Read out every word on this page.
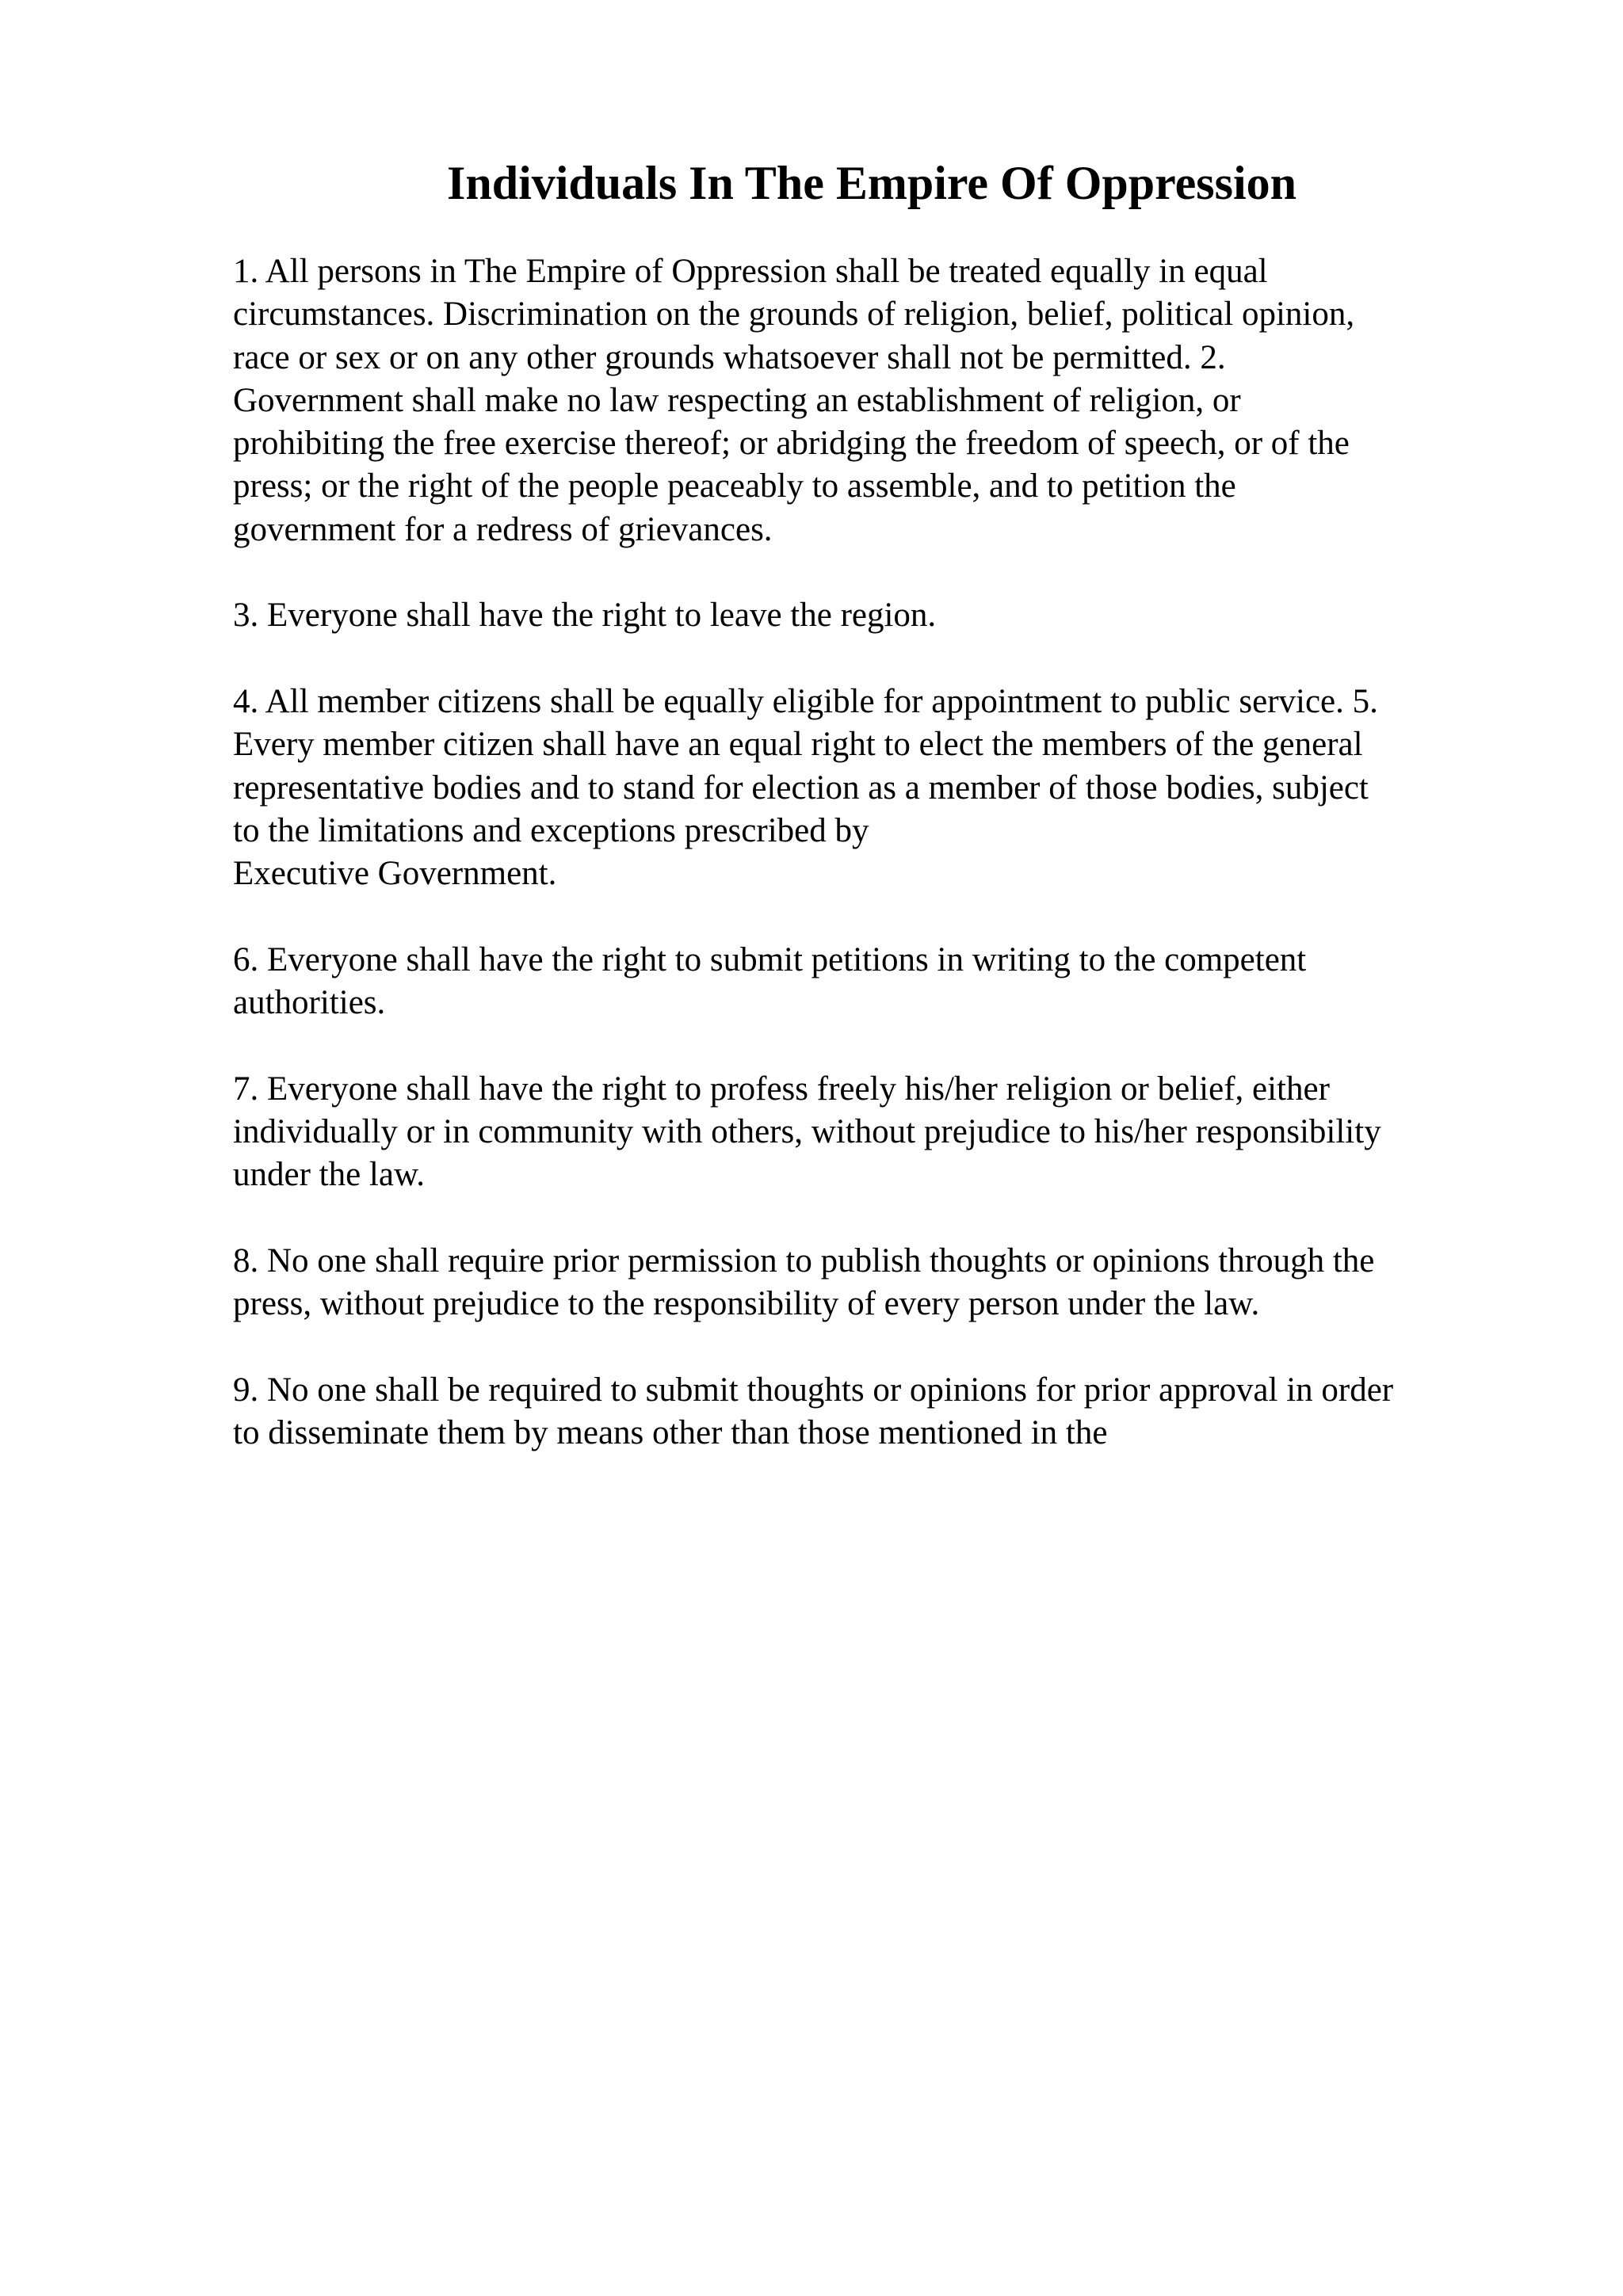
Individuals In The Empire Of Oppression

1. All persons in The Empire of Oppression shall be treated equally in equal
circumstances. Discrimination on the grounds of religion, belief, political opinion,
race or sex or on any other grounds whatsoever shall not be permitted. 2.
Government shall make no law respecting an establishment of religion, or
prohibiting the free exercise thereof; or abridging the freedom of speech, or of the
press; or the right of the people peaceably to assemble, and to petition the
government for a redress of grievances.

3. Everyone shall have the right to leave the region.

4. All member citizens shall be equally eligible for appointment to public service. 5.
Every member citizen shall have an equal right to elect the members of the general
representative bodies and to stand for election as a member of those bodies, subject
to the limitations and exceptions prescribed by
Executive Government.

6. Everyone shall have the right to submit petitions in writing to the competent
authorities.

7. Everyone shall have the right to profess freely his/her religion or belief, either
individually or in community with others, without prejudice to his/her responsibility
under the law.

8. No one shall require prior permission to publish thoughts or opinions through the
press, without prejudice to the responsibility of every person under the law.

9. No one shall be required to submit thoughts or opinions for prior approval in order
to disseminate them by means other than those mentioned in the
